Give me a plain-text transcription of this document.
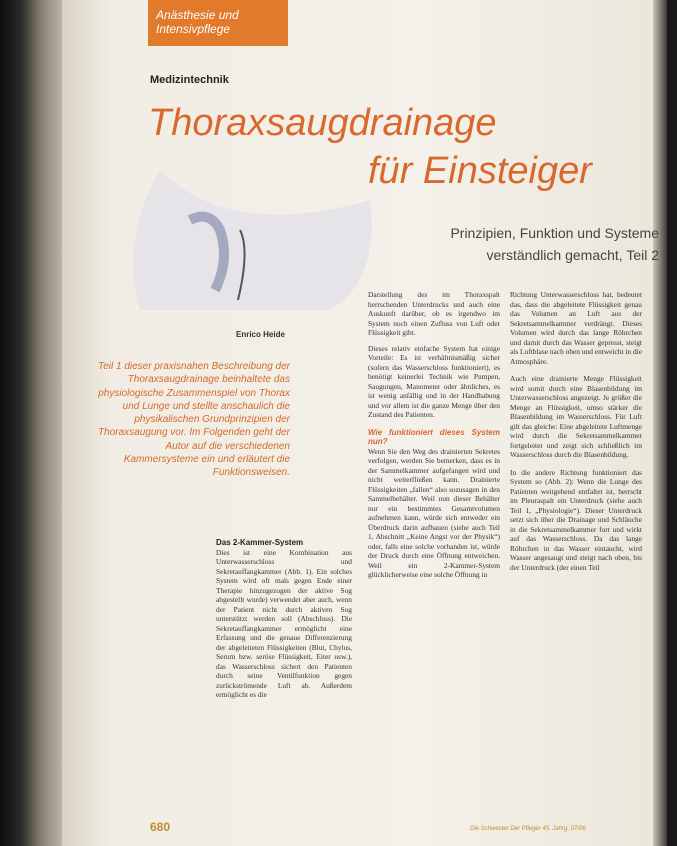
Anästhesie und
Intensivpflege
Medizintechnik
Thoraxsaugdrainage
für Einsteiger
Prinzipien, Funktion und Systeme
verständlich gemacht, Teil 2
Enrico Heide
Teil 1 dieser praxisnahen Beschreibung der Thoraxsaugdrainage beinhaltete das physiologische Zusammenspiel von Thorax und Lunge und stellte anschaulich die physikalischen Grundprinzipien der Thoraxsaugung vor. Im Folgenden geht der Autor auf die verschiedenen Kammersysteme ein und erläutert die Funktionsweisen.

Das 2-Kammer-System

Dies ist eine Kombination aus Unterwasserschloss und Sekretauffangkammer (Abb. 1). Ein solches System wird oft mals gegen Ende einer Therapie hinzugezogen der aktive Sog abgestellt wurde) verwendet aber auch, wenn der Patient nicht durch aktiven Sog unterstützt werden soll (Abschluss). Die Sekretauffangkammer ermöglicht eine Erfassung und die genaue Differenzierung der abgeleiteten Flüssigkeiten (Blut, Chylus, Serum bzw. seröse Flüssigkeit, Eiter usw.), das Wasserschloss sichert den Patienten durch seine Ventilfunktion gegen zurückströmende Luft ab. Außerdem ermöglicht es die

Darstellung des im Thoraxspalt herrschenden Unterdrucks und auch eine Auskunft darüber, ob es irgendwo im System noch einen Zufluss von Luft oder Flüssigkeit gibt.

Dieses relativ einfache System hat einige Vorteile: Es ist verhältnismäßig sicher (sofern das Wasserschloss funktioniert), es benötigt keinerlei Technik wie Pumpen, Saugungen, Manometer oder ähnliches, es ist wenig anfällig und in der Handhabung und vor allem ist die ganze Menge über den Zustand des Patienten.

Wie funktioniert dieses System nun?

Wenn Sie den Weg des drainierten Sekretes verfolgen, werden Sie bemerken, dass es in der Sammelkammer aufgefangen wird und nicht weiterfließen kann. Drainierte Flüssigkeiten „fallen“ also sozusagen in den Sammelbehälter. Weil nun dieser Behälter nur ein bestimmtes Gesamtvolumen aufnehmen kann, würde sich entweder ein Überdruck darin aufbauen (siehe auch Teil 1, Abschnitt „Keine Angst vor der Physik“) oder, falls eine solche vorhanden ist, würde der Druck durch eine Öffnung entweichen. Weil ein 2-Kammer-System glücklicherweise eine solche Öffnung in

Richtung Unterwasserschloss hat, bedeutet das, dass die abgeleitete Flüssigkeit genau das Volumen an Luft aus der Sekretsammelkammer verdrängt. Dieses Volumen wird durch das lange Röhrchen und damit durch das Wasser gepresst, steigt als Luftblase nach oben und entweicht in die Atmosphäre.

Auch eine drainierte Menge Flüssigkeit wird somit durch eine Blasenbildung im Unterwasserschloss angezeigt. Je größer die Menge an Flüssigkeit, umso stärker die Blasenbildung im Wasserschloss. Für Luft gilt das gleiche: Eine abgeleitete Luftmenge wird durch die Sekretsammelkammer fortgeleitet und zeigt sich schließlich im Wasserschloss durch die Blasenbildung.

In die andere Richtung funktioniert das System so (Abb. 2): Wenn die Lunge des Patienten weitgehend entfaltet ist, herrscht im Pleuraspalt ein Unterdruck (siehe auch Teil 1, „Physiologie“). Dieser Unterdruck setzt sich über die Drainage und Schläuche in die Sekretsammelkammer fort und wirkt auf das Wasserschloss. Da das lange Röhrchen in das Wasser eintaucht, wird Wasser angesaugt und steigt nach oben, bis der Unterdruck (der einen Teil

680	Die Schwester Der Pfleger 45. Jahrg. 07/06
